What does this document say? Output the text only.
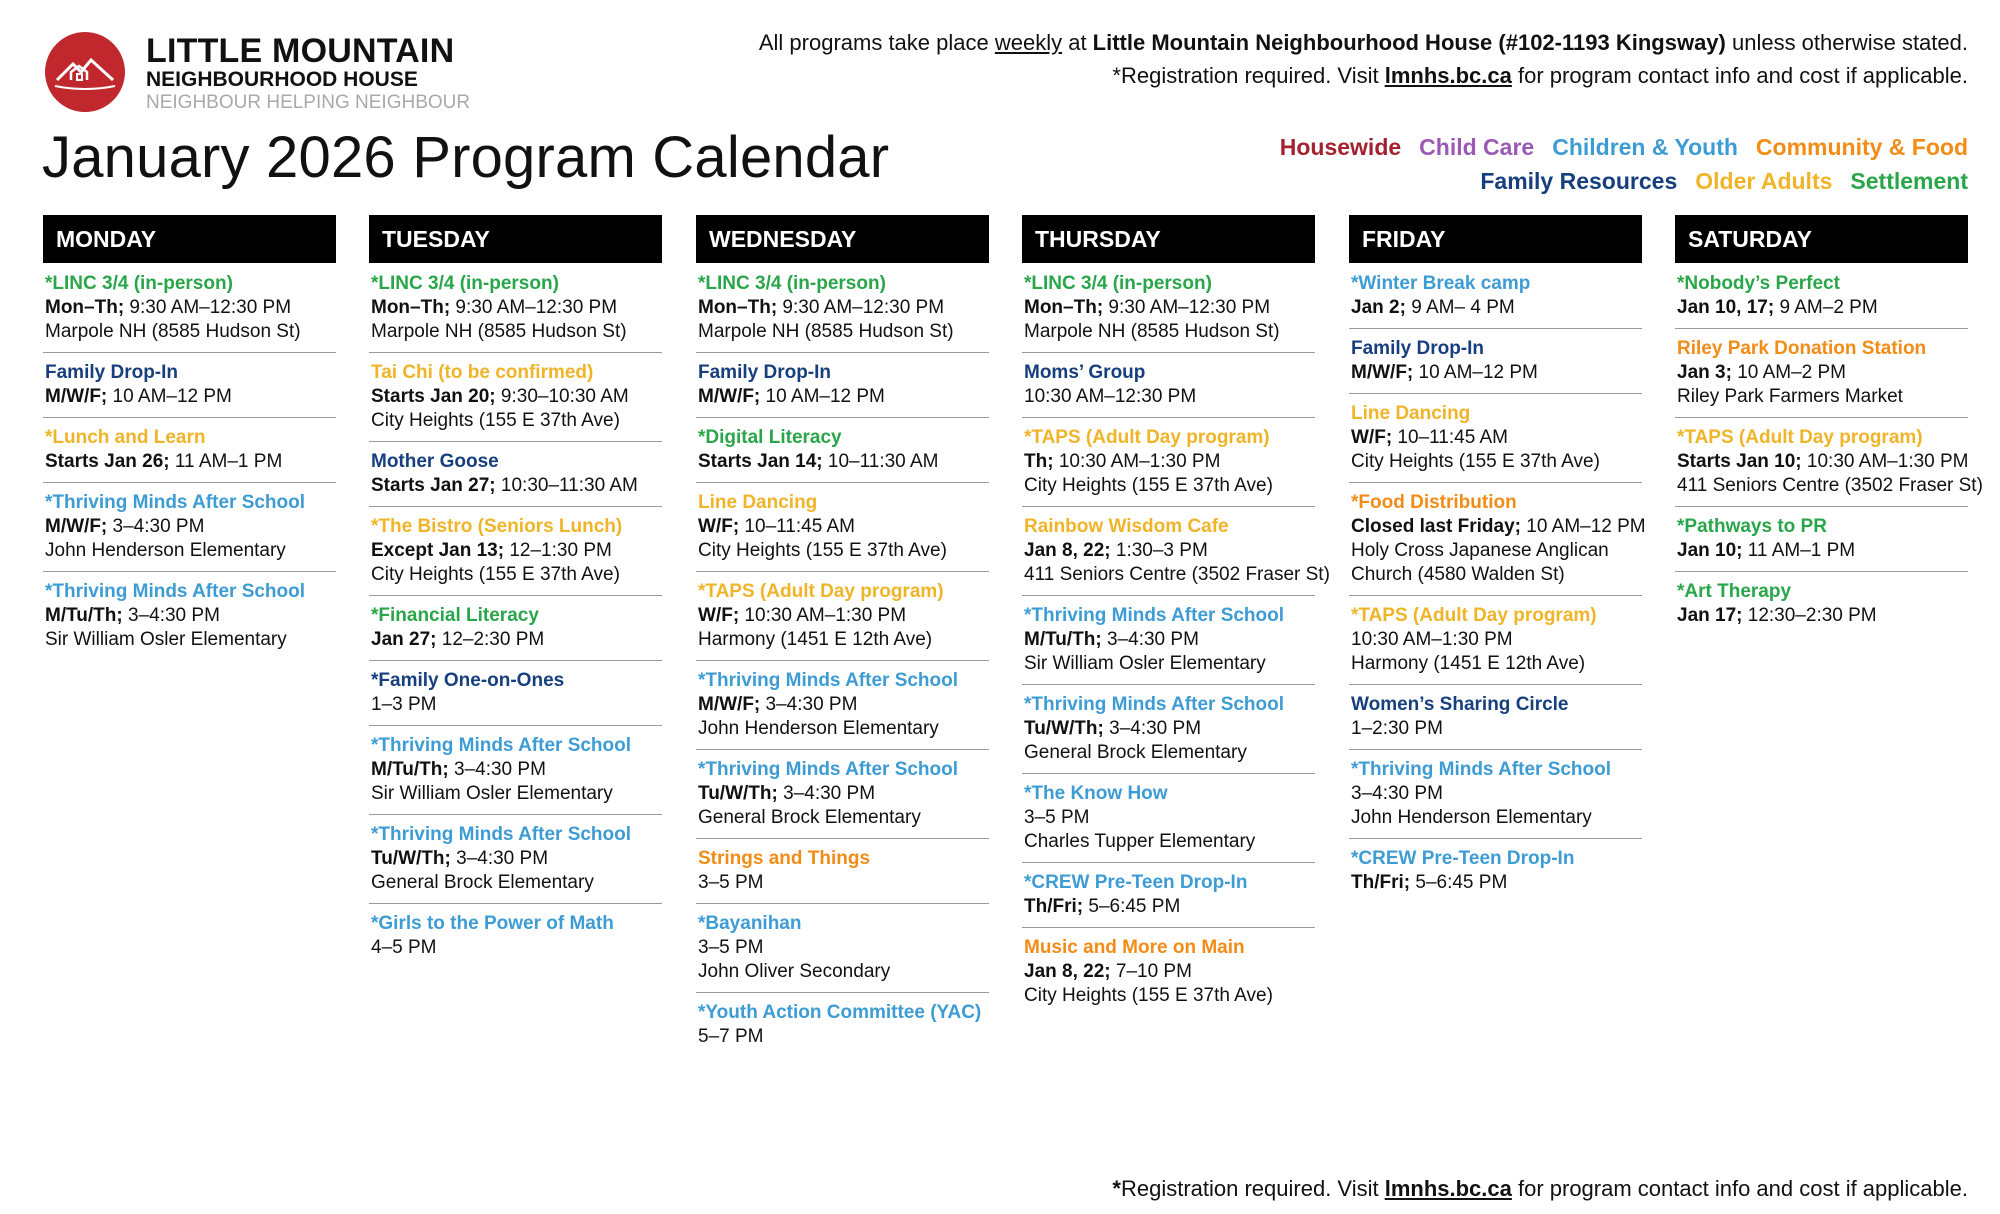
LITTLE MOUNTAIN
NEIGHBOURHOOD HOUSE
NEIGHBOUR HELPING NEIGHBOUR
All programs take place weekly at Little Mountain Neighbourhood House (#102-1193 Kingsway) unless otherwise stated.
*Registration required. Visit lmnhs.bc.ca for program contact info and cost if applicable.
January 2026 Program Calendar	Housewide Child Care Children & Youth Community & Food
Family Resources Older Adults Settlement
MONDAY
*LINC 3/4 (in-person)
Mon–Th; 9:30 AM–12:30 PM
Marpole NH (8585 Hudson St)
Family Drop-In
M/W/F; 10 AM–12 PM
*Lunch and Learn
Starts Jan 26; 11 AM–1 PM
*Thriving Minds After School
M/W/F; 3–4:30 PM
John Henderson Elementary
*Thriving Minds After School
M/Tu/Th; 3–4:30 PM
Sir William Osler Elementary
TUESDAY
*LINC 3/4 (in-person)
Mon–Th; 9:30 AM–12:30 PM
Marpole NH (8585 Hudson St)
Tai Chi (to be confirmed)
Starts Jan 20; 9:30–10:30 AM
City Heights (155 E 37th Ave)
Mother Goose
Starts Jan 27; 10:30–11:30 AM
*The Bistro (Seniors Lunch)
Except Jan 13; 12–1:30 PM
City Heights (155 E 37th Ave)
*Financial Literacy
Jan 27; 12–2:30 PM
*Family One-on-Ones
1–3 PM
*Thriving Minds After School
M/Tu/Th; 3–4:30 PM
Sir William Osler Elementary
*Thriving Minds After School
Tu/W/Th; 3–4:30 PM
General Brock Elementary
*Girls to the Power of Math
4–5 PM
WEDNESDAY
*LINC 3/4 (in-person)
Mon–Th; 9:30 AM–12:30 PM
Marpole NH (8585 Hudson St)
Family Drop-In
M/W/F; 10 AM–12 PM
*Digital Literacy
Starts Jan 14; 10–11:30 AM
Line Dancing
W/F; 10–11:45 AM
City Heights (155 E 37th Ave)
*TAPS (Adult Day program)
W/F; 10:30 AM–1:30 PM
Harmony (1451 E 12th Ave)
*Thriving Minds After School
M/W/F; 3–4:30 PM
John Henderson Elementary
*Thriving Minds After School
Tu/W/Th; 3–4:30 PM
General Brock Elementary
Strings and Things
3–5 PM
*Bayanihan
3–5 PM
John Oliver Secondary
*Youth Action Committee (YAC)
5–7 PM
THURSDAY
*LINC 3/4 (in-person)
Mon–Th; 9:30 AM–12:30 PM
Marpole NH (8585 Hudson St)
Moms’ Group
10:30 AM–12:30 PM
*TAPS (Adult Day program)
Th; 10:30 AM–1:30 PM
City Heights (155 E 37th Ave)
Rainbow Wisdom Cafe
Jan 8, 22; 1:30–3 PM
411 Seniors Centre (3502 Fraser St)
*Thriving Minds After School
M/Tu/Th; 3–4:30 PM
Sir William Osler Elementary
*Thriving Minds After School
Tu/W/Th; 3–4:30 PM
General Brock Elementary
*The Know How
3–5 PM
Charles Tupper Elementary
*CREW Pre-Teen Drop-In
Th/Fri; 5–6:45 PM
Music and More on Main
Jan 8, 22; 7–10 PM
City Heights (155 E 37th Ave)
FRIDAY
*Winter Break camp
Jan 2; 9 AM– 4 PM
Family Drop-In
M/W/F; 10 AM–12 PM
Line Dancing
W/F; 10–11:45 AM
City Heights (155 E 37th Ave)
*Food Distribution
Closed last Friday; 10 AM–12 PM
Holy Cross Japanese Anglican
Church (4580 Walden St)
*TAPS (Adult Day program)
10:30 AM–1:30 PM
Harmony (1451 E 12th Ave)
Women’s Sharing Circle
1–2:30 PM
*Thriving Minds After School
3–4:30 PM
John Henderson Elementary
*CREW Pre-Teen Drop-In
Th/Fri; 5–6:45 PM
SATURDAY
*Nobody’s Perfect
Jan 10, 17; 9 AM–2 PM
Riley Park Donation Station
Jan 3; 10 AM–2 PM
Riley Park Farmers Market
*TAPS (Adult Day program)
Starts Jan 10; 10:30 AM–1:30 PM
411 Seniors Centre (3502 Fraser St)
*Pathways to PR
Jan 10; 11 AM–1 PM
*Art Therapy
Jan 17; 12:30–2:30 PM
*Registration required. Visit lmnhs.bc.ca for program contact info and cost if applicable.
